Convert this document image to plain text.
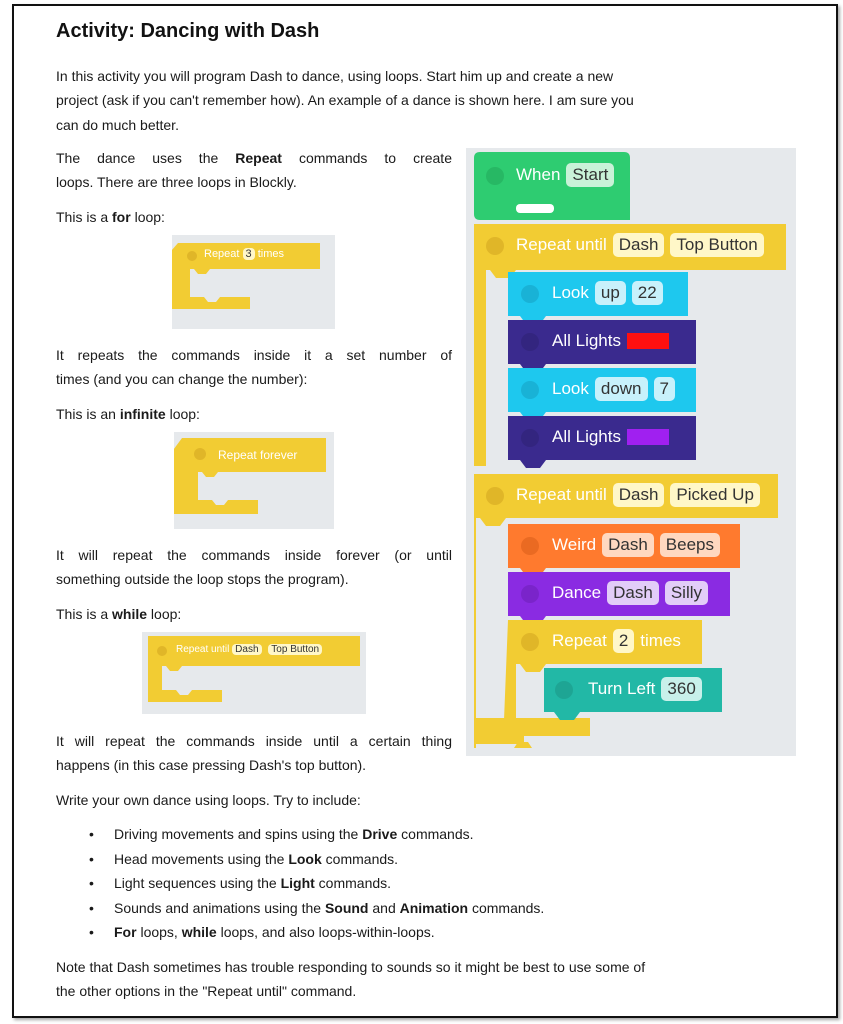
Activity: Dancing with Dash

In this activity you will program Dash to dance, using loops. Start him up and create a new

project (ask if you can't remember how). An example of a dance is shown here. I am sure you

can do much better.

The dance uses the Repeat commands to create

loops. There are three loops in Blockly.

This is a for loop:

Repeat 3 times

It repeats the commands inside it a set number of

times (and you can change the number):

This is an infinite loop:

Repeat forever

It will repeat the commands inside forever (or until

something outside the loop stops the program).

This is a while loop:

Repeat until Dash Top Button

It will repeat the commands inside until a certain thing

happens (in this case pressing Dash's top button).

Write your own dance using loops. Try to include:

• Driving movements and spins using the Drive commands.
• Head movements using the Look commands.
• Light sequences using the Light commands.
• Sounds and animations using the Sound and Animation commands.
• For loops, while loops, and also loops-within-loops.

Note that Dash sometimes has trouble responding to sounds so it might be best to use some of

the other options in the "Repeat until" command.

When Start
Repeat until Dash	Top Button
Look up	22
All Lights
Look down	7
All Lights
Repeat until Dash	Picked Up
Weird Dash	Beeps
Dance Dash	Silly
Repeat 2 times
Turn Left 360
